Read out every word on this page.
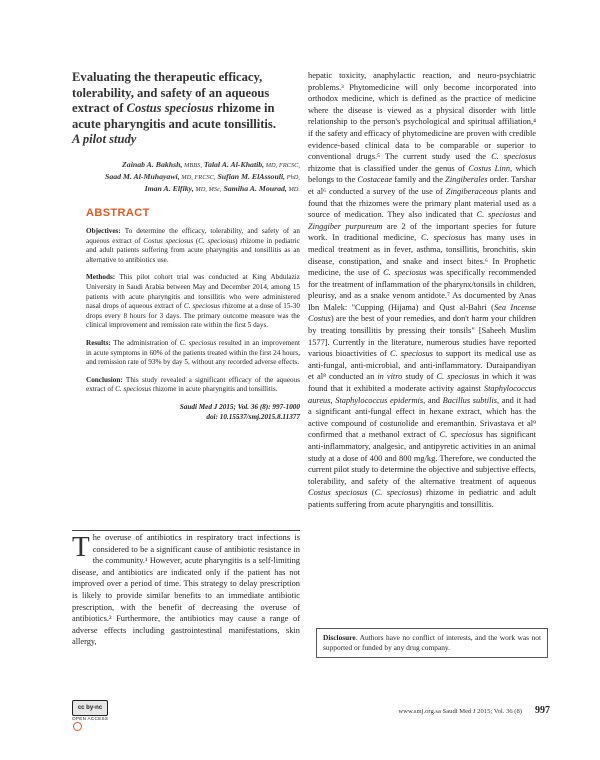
Evaluating the therapeutic efficacy,
tolerability, and safety of an aqueous
extract of Costus speciosus rhizome in
acute pharyngitis and acute tonsillitis.

A pilot study

Zainab A. Bakhsh, MBBS, Talal A. Al-Khatib, MD, FRCSC,
Saad M. Al-Muhayawi, MD, FRCSC, Sufian M. ElAssouli, PhD,
Iman A. Elfiky, MD, MSc, Samiha A. Mourad, MD.
ABSTRACT

Objectives: To determine the efficacy, tolerability, and safety of an aqueous extract of Costus speciosus (C. speciosus) rhizome in pediatric and adult patients suffering from acute pharyngitis and tonsillitis as an alternative to antibiotics use.

Methods: This pilot cohort trial was conducted at King Abdulaziz University in Saudi Arabia between May and December 2014, among 15 patients with acute pharyngitis and tonsillitis who were administered nasal drops of aqueous extract of C. speciosus rhizome at a dose of 15-30 drops every 8 hours for 3 days. The primary outcome measure was the clinical improvement and remission rate within the first 5 days.

Results: The administration of C. speciosus resulted in an improvement in acute symptoms in 60% of the patients treated within the first 24 hours, and remission rate of 93% by day 5, without any recorded adverse effects.

Conclusion: This study revealed a significant efficacy of the aqueous extract of C. speciosus rhizome in acute pharyngitis and tonsillitis.

Saudi Med J 2015; Vol. 36 (8): 997-1000
doi: 10.15537/smj.2015.8.11377

The overuse of antibiotics in respiratory tract infections is considered to be a significant cause of antibiotic resistance in the community.¹ However, acute pharyngitis is a self-limiting disease, and antibiotics are indicated only if the patient has not improved over a period of time. This strategy to delay prescription is likely to provide similar benefits to an immediate antibiotic prescription, with the benefit of decreasing the overuse of antibiotics.² Furthermore, the antibiotics may cause a range of adverse effects including gastrointestinal manifestations, skin allergy,
hepatic toxicity, anaphylactic reaction, and neuro-psychiatric problems.³ Phytomedicine will only become incorporated into orthodox medicine, which is defined as the practice of medicine where the disease is viewed as a physical disorder with little relationship to the person's psychological and spiritual affiliation,⁴ if the safety and efficacy of phytomedicine are proven with credible evidence-based clinical data to be comparable or superior to conventional drugs.⁵ The current study used the C. speciosus rhizome that is classified under the genus of Costus Linn, which belongs to the Costaceae family and the Zingiberales order. Tarshar et al⁶ conducted a survey of the use of Zingiberaceous plants and found that the rhizomes were the primary plant material used as a source of medication. They also indicated that C. speciosus and Zinggiber purpureum are 2 of the important species for future work. In traditional medicine, C. speciosus has many uses in medical treatment as in fever, asthma, tonsillitis, bronchitis, skin disease, constipation, and snake and insect bites.⁶ In Prophetic medicine, the use of C. speciosus was specifically recommended for the treatment of inflammation of the pharynx/tonsils in children, pleurisy, and as a snake venom antidote.⁷ As documented by Anas Ibn Malek: "Cupping (Hijama) and Qust al-Bahri (Sea Incense Costus) are the best of your remedies, and don't harm your children by treating tonsillitis by pressing their tonsils" [Saheeh Muslim 1577]. Currently in the literature, numerous studies have reported various bioactivities of C. speciosus to support its medical use as anti-fungal, anti-microbial, and anti-inflammatory. Duraipandiyan et al⁸ conducted an in vitro study of C. speciosus in which it was found that it exhibited a moderate activity against Staphylococcus aureus, Staphylococcus epidermis, and Bacillus subtilis, and it had a significant anti-fungal effect in hexane extract, which has the active compound of costunolide and eremanthin. Srivastava et al⁹ confirmed that a methanol extract of C. speciosus has significant anti-inflammatory, analgesic, and antipyretic activities in an animal study at a dose of 400 and 800 mg/kg. Therefore, we conducted the current pilot study to determine the objective and subjective effects, tolerability, and safety of the alternative treatment of aqueous Costus speciosus (C. speciosus) rhizome in pediatric and adult patients suffering from acute pharyngitis and tonsillitis.
Disclosure. Authors have no conflict of interests, and the work was not supported or funded by any drug company.
cc by-nc
OPEN ACCESS
www.smj.org.sa Saudi Med J 2015; Vol. 36 (8) 997
